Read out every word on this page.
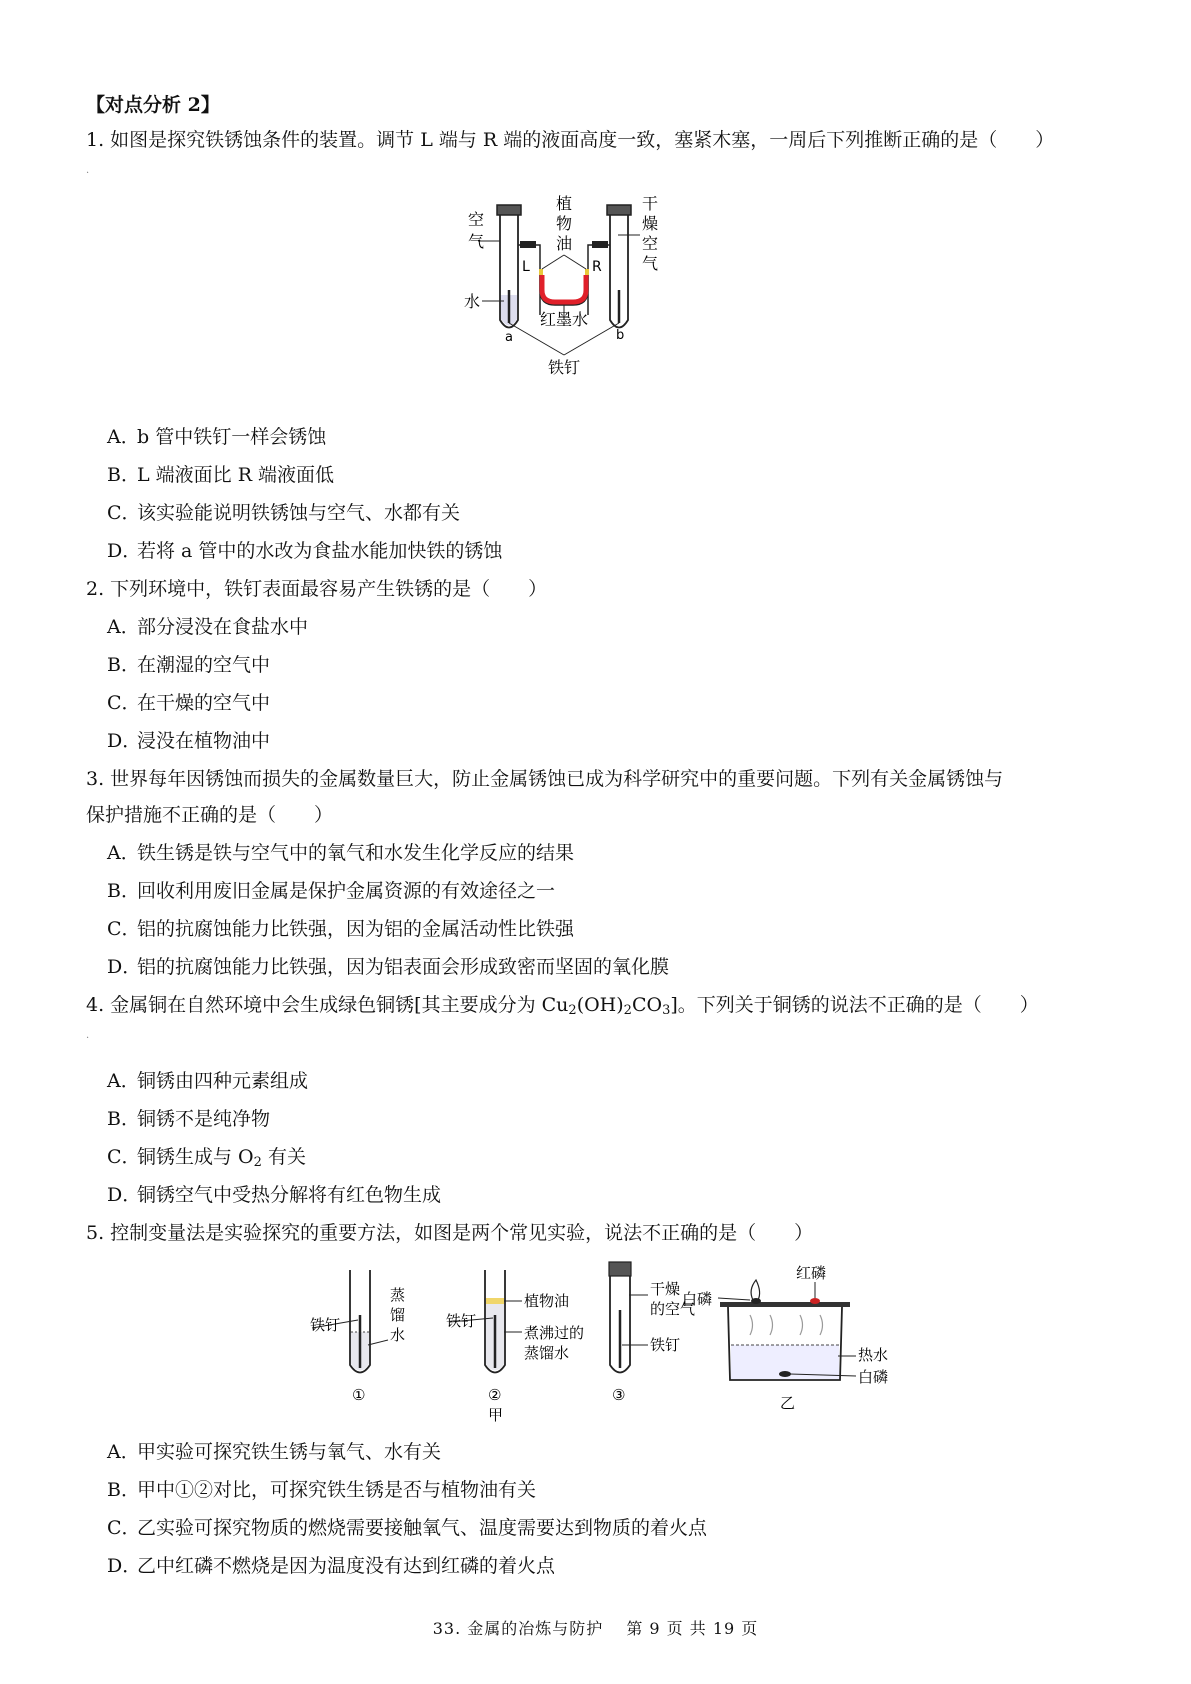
【对点分析 2】
1. 如图是探究铁锈蚀条件的装置。调节 L 端与 R 端的液面高度一致，塞紧木塞，一周后下列推断正确的是（　　）
·
空
气
植
物
油
干
燥
空
气
L	R
水
红墨水
a	b
铁钉
A．b 管中铁钉一样会锈蚀
B．L 端液面比 R 端液面低
C．该实验能说明铁锈蚀与空气、水都有关
D．若将 a 管中的水改为食盐水能加快铁的锈蚀
2. 下列环境中，铁钉表面最容易产生铁锈的是（　　）
A．部分浸没在食盐水中
B．在潮湿的空气中
C．在干燥的空气中
D．浸没在植物油中
3. 世界每年因锈蚀而损失的金属数量巨大，防止金属锈蚀已成为科学研究中的重要问题。下列有关金属锈蚀与
保护措施不正确的是（　　）
A．铁生锈是铁与空气中的氧气和水发生化学反应的结果
B．回收利用废旧金属是保护金属资源的有效途径之一
C．铝的抗腐蚀能力比铁强，因为铝的金属活动性比铁强
D．铝的抗腐蚀能力比铁强，因为铝表面会形成致密而坚固的氧化膜
4. 金属铜在自然环境中会生成绿色铜锈[其主要成分为 $Cu_2(OH)_2CO_3$]。下列关于铜锈的说法不正确的是（　　）
·
A．铜锈由四种元素组成
B．铜锈不是纯净物
C．铜锈生成与 $O_2$ 有关
D．铜锈空气中受热分解将有红色物生成
5. 控制变量法是实验探究的重要方法，如图是两个常见实验，说法不正确的是（　　）
铁钉
蒸
馏
水
①
铁钉
植物油
煮沸过的
蒸馏水
②
甲
干燥
的空气
铁钉
③
红磷
白磷
热水
白磷
乙
A．甲实验可探究铁生锈与氧气、水有关
B．甲中①②对比，可探究铁生锈是否与植物油有关
C．乙实验可探究物质的燃烧需要接触氧气、温度需要达到物质的着火点
D．乙中红磷不燃烧是因为温度没有达到红磷的着火点
33. 金属的冶炼与防护　 第 9 页 共 19 页
